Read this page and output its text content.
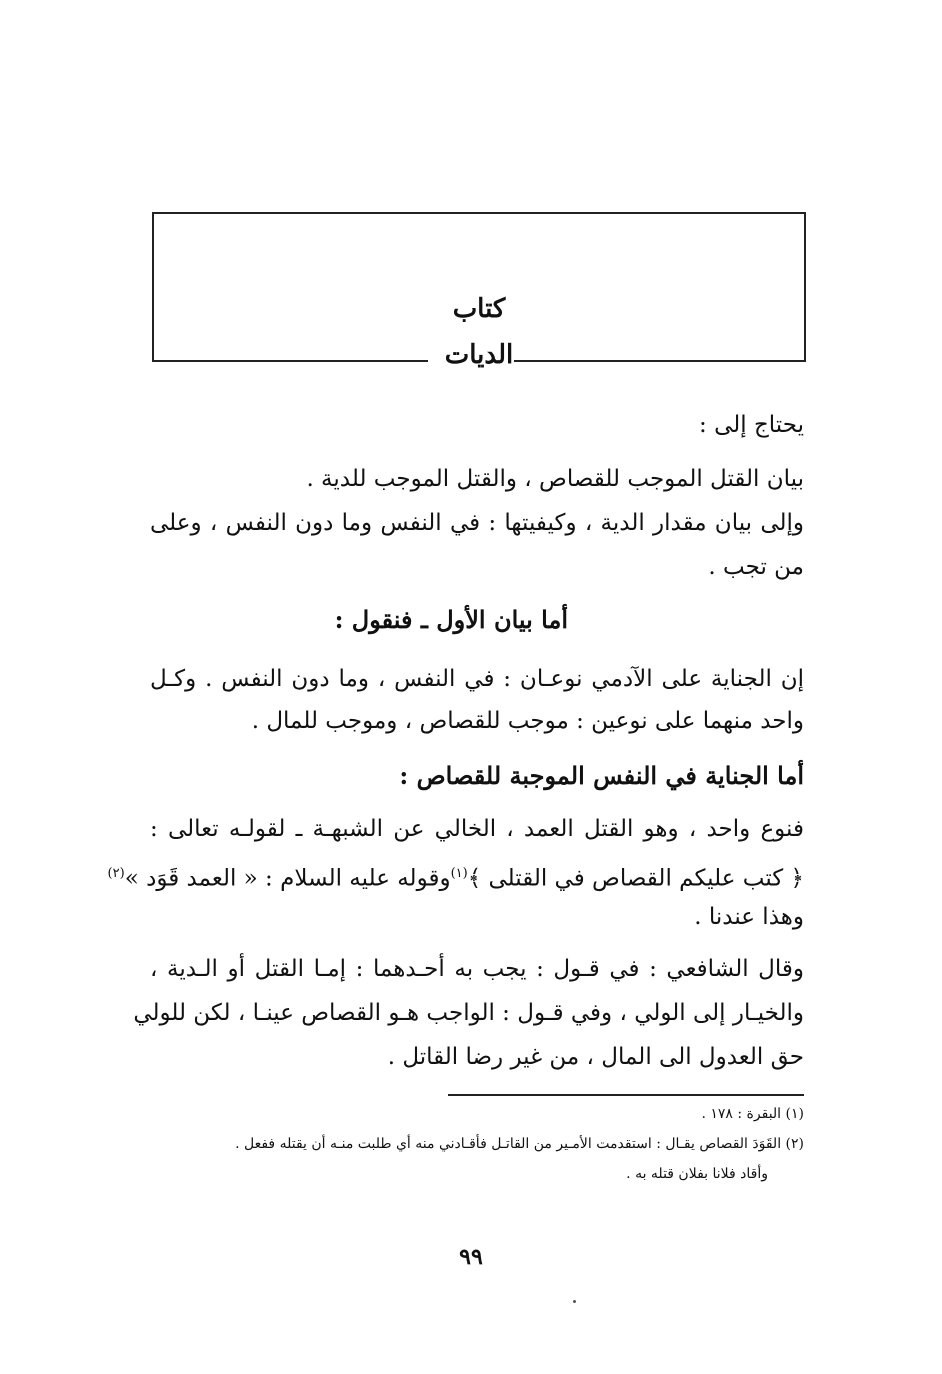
كتاب
الديات
يحتاج إلى :
بيان القتل الموجب للقصاص ، والقتل الموجب للدية .
وإلى بيان مقدار الدية ، وكيفيتها : في النفس وما دون النفس ، وعلى
من تجب .
أما بيان الأول ـ فنقول :
إن الجناية على الآدمي نوعـان : في النفس ، وما دون النفس . وكـل
واحد منهما على نوعين : موجب للقصاص ، وموجب للمال .
أما الجناية في النفس الموجبة للقصاص :
فنوع واحد ، وهو القتل العمد ، الخالي عن الشبهـة ـ لقولـه تعالى :
﴿ كتب عليكم القصاص في القتلى ﴾$^{(١)}$وقوله عليه السلام : « العمد قَوَد »$^{(٢)}$
وهذا عندنا .
وقال الشافعي : في قـول : يجب به أحـدهما : إمـا القتل أو الـدية ،
والخيـار إلى الولي ، وفي قـول : الواجب هـو القصاص عينـا ، لكن للولي
حق العدول الى المال ، من غير رضا القاتل .
(١) البقرة : ١٧٨ .
(٢) القَوَدَ القصاص يقـال : استقدمت الأمـير من القاتـل فأقـادني منه أي طلبت منـه أن يقتله ففعل .
وأقاد فلانا بفلان قتله به .
٩٩
